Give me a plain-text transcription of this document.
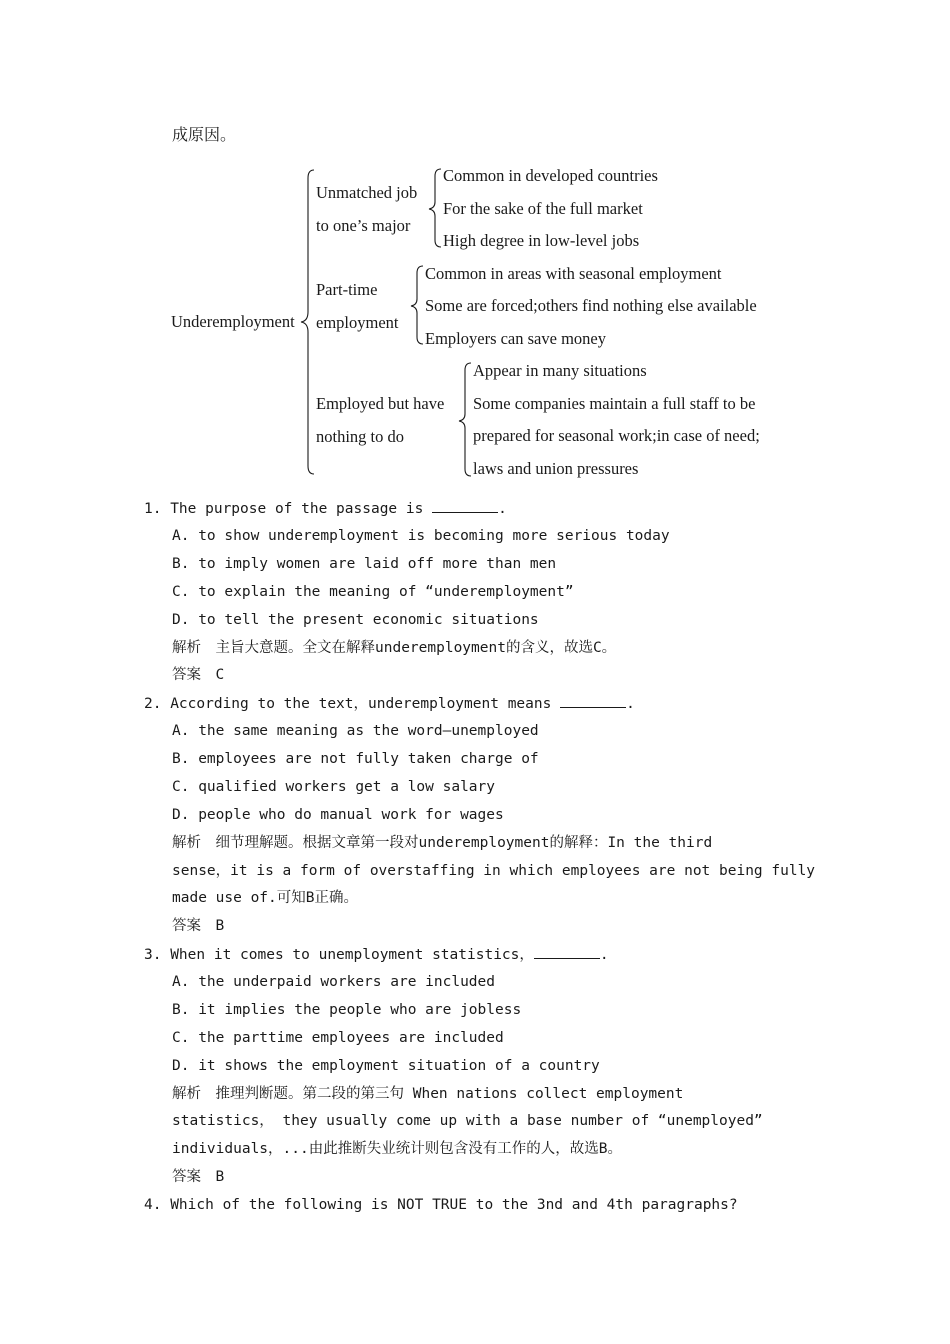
成原因。
Underemployment
Unmatched job
to one’s major
Common in developed countries
For the sake of the full market
High degree in low-level jobs
Part-time
employment
Common in areas with seasonal employment
Some are forced;others find nothing else available
Employers can save money
Employed but have
nothing to do
Appear in many situations
Some companies maintain a full staff to be
prepared for seasonal work;in case of need;
laws and union pressures
1. The purpose of the passage is	.
A. to show underemployment is becoming more serious today
B. to imply women are laid off more than men
C. to explain the meaning of “underemployment”
D. to tell the present economic situations
解析　主旨大意题。全文在解释underemployment的含义，故选C。
答案　C
2. According to the text，underemployment means	.
A. the same meaning as the word—unemployed
B. employees are not fully taken charge of
C. qualified workers get a low salary
D. people who do manual work for wages
解析　细节理解题。根据文章第一段对underemployment的解释：In the third
sense，it is a form of overstaffing in which employees are not being fully
made use of.可知B正确。
答案　B
3. When it comes to unemployment statistics，	.
A. the underpaid workers are included
B. it implies the people who are jobless
C. the parttime employees are included
D. it shows the employment situation of a country
解析　推理判断题。第二段的第三句 When nations collect employment
statistics， they usually come up with a base number of “unemployed”
individuals，...由此推断失业统计则包含没有工作的人，故选B。
答案　B
4. Which of the following is NOT TRUE to the 3nd and 4th paragraphs?
